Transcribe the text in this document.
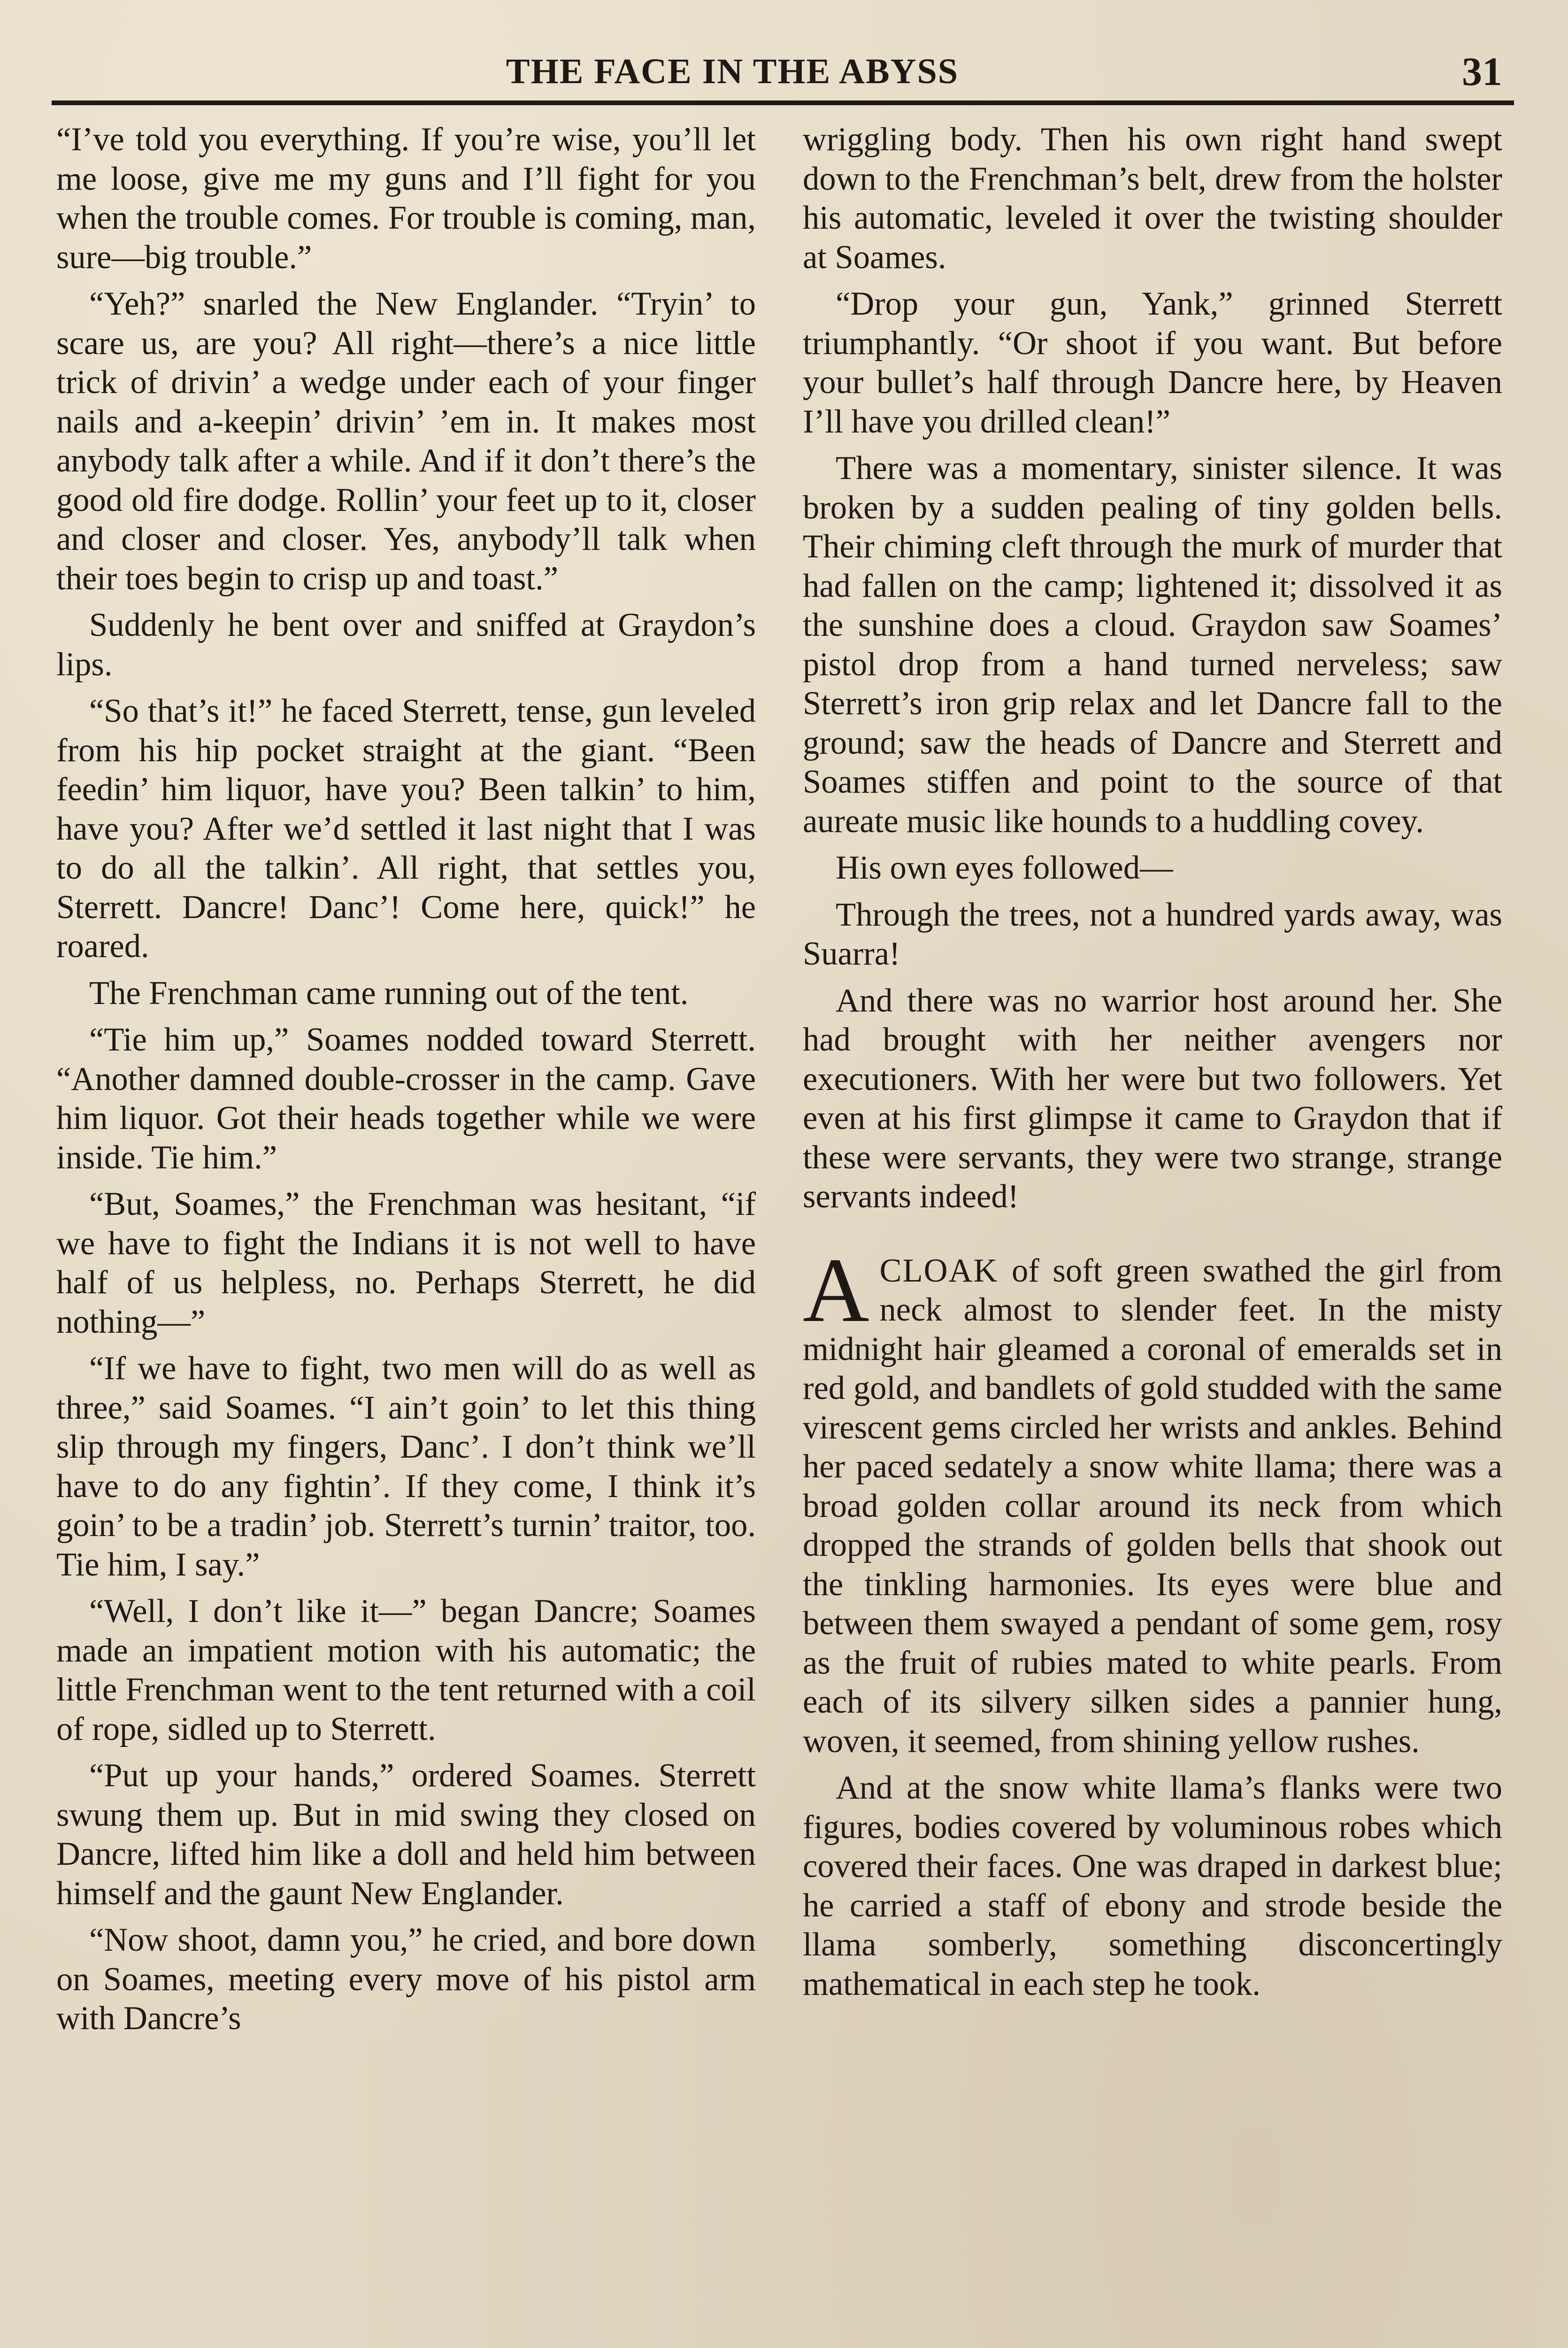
THE FACE IN THE ABYSS	31

“I’ve told you everything. If you’re wise, you’ll let me loose, give me my guns and I’ll fight for you when the trouble comes. For trouble is coming, man, sure—big trouble.”

“Yeh?” snarled the New Englander. “Tryin’ to scare us, are you? All right—there’s a nice little trick of drivin’ a wedge under each of your finger nails and a-keepin’ drivin’ ’em in. It makes most anybody talk after a while. And if it don’t there’s the good old fire dodge. Rollin’ your feet up to it, closer and closer and closer. Yes, anybody’ll talk when their toes begin to crisp up and toast.”

Suddenly he bent over and sniffed at Graydon’s lips.

“So that’s it!” he faced Sterrett, tense, gun leveled from his hip pocket straight at the giant. “Been feedin’ him liquor, have you? Been talkin’ to him, have you? After we’d settled it last night that I was to do all the talkin’. All right, that settles you, Sterrett. Dancre! Danc’! Come here, quick!” he roared.

The Frenchman came running out of the tent.

“Tie him up,” Soames nodded toward Sterrett. “Another damned double-crosser in the camp. Gave him liquor. Got their heads together while we were inside. Tie him.”

“But, Soames,” the Frenchman was hesitant, “if we have to fight the Indians it is not well to have half of us helpless, no. Perhaps Sterrett, he did nothing—”

“If we have to fight, two men will do as well as three,” said Soames. “I ain’t goin’ to let this thing slip through my fingers, Danc’. I don’t think we’ll have to do any fightin’. If they come, I think it’s goin’ to be a tradin’ job. Sterrett’s turnin’ traitor, too. Tie him, I say.”

“Well, I don’t like it—” began Dancre; Soames made an impatient motion with his automatic; the little Frenchman went to the tent returned with a coil of rope, sidled up to Sterrett.

“Put up your hands,” ordered Soames. Sterrett swung them up. But in mid swing they closed on Dancre, lifted him like a doll and held him between himself and the gaunt New Englander.

“Now shoot, damn you,” he cried, and bore down on Soames, meeting every move of his pistol arm with Dancre’s

wriggling body. Then his own right hand swept down to the Frenchman’s belt, drew from the holster his automatic, leveled it over the twisting shoulder at Soames.

“Drop your gun, Yank,” grinned Sterrett triumphantly. “Or shoot if you want. But before your bullet’s half through Dancre here, by Heaven I’ll have you drilled clean!”

There was a momentary, sinister silence. It was broken by a sudden pealing of tiny golden bells. Their chiming cleft through the murk of murder that had fallen on the camp; lightened it; dissolved it as the sunshine does a cloud. Graydon saw Soames’ pistol drop from a hand turned nerveless; saw Sterrett’s iron grip relax and let Dancre fall to the ground; saw the heads of Dancre and Sterrett and Soames stiffen and point to the source of that aureate music like hounds to a huddling covey.

His own eyes followed—

Through the trees, not a hundred yards away, was Suarra!

And there was no warrior host around her. She had brought with her neither avengers nor executioners. With her were but two followers. Yet even at his first glimpse it came to Graydon that if these were servants, they were two strange, strange servants indeed!

ACLOAK of soft green swathed the girl from neck almost to slender feet. In the misty midnight hair gleamed a coronal of emeralds set in red gold, and bandlets of gold studded with the same virescent gems circled her wrists and ankles. Behind her paced sedately a snow white llama; there was a broad golden collar around its neck from which dropped the strands of golden bells that shook out the tinkling harmonies. Its eyes were blue and between them swayed a pendant of some gem, rosy as the fruit of rubies mated to white pearls. From each of its silvery silken sides a pannier hung, woven, it seemed, from shining yellow rushes.

And at the snow white llama’s flanks were two figures, bodies covered by voluminous robes which covered their faces. One was draped in darkest blue; he carried a staff of ebony and strode beside the llama somberly, something disconcertingly mathematical in each step he took.
